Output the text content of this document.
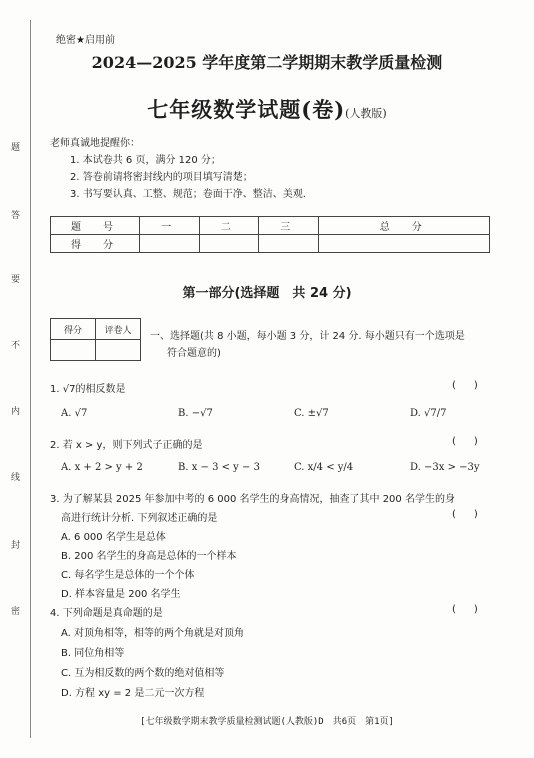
题
答
要
不
内
线
封
密
绝密★启用前
2024—2025 学年度第二学期期末教学质量检测
七年级数学试题(卷)(人教版)
老师真诚地提醒你：
1. 本试卷共 6 页，满分 120 分；
2. 答卷前请将密封线内的项目填写清楚；
3. 书写要认真、工整、规范；卷面干净、整洁、美观.
题　号	一	二	三	总　分
得　分				
第一部分(选择题　共 24 分)
得分	评卷人

一、选择题(共 8 小题，每小题 3 分，计 24 分. 每小题只有一个选项是
符合题意的)
1. √7的相反数是	()
A. √7	B. −√7	C. ±√7	D. √7/7
2. 若 x > y，则下列式子正确的是	()
A. x + 2 > y + 2	B. x − 3 < y − 3	C. x/4 < y/4	D. −3x > −3y
3. 为了解某县 2025 年参加中考的 6 000 名学生的身高情况，抽查了其中 200 名学生的身
高进行统计分析. 下列叙述正确的是	()
A. 6 000 名学生是总体
B. 200 名学生的身高是总体的一个样本
C. 每名学生是总体的一个个体
D. 样本容量是 200 名学生
4. 下列命题是真命题的是	()
A. 对顶角相等，相等的两个角就是对顶角
B. 同位角相等
C. 互为相反数的两个数的绝对值相等
D. 方程 xy = 2 是二元一次方程
[七年级数学期末教学质量检测试题(人教版)D　共6页　第1页]
